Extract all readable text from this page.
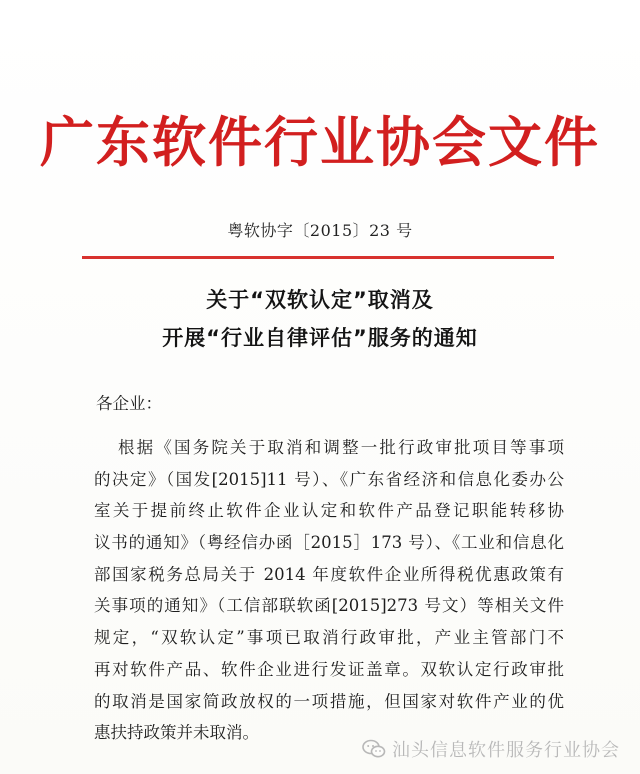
广东软件行业协会文件
粤软协字〔2015〕23 号
关于“双软认定”取消及
开展“行业自律评估”服务的通知
各企业：
根据《国务院关于取消和调整一批行政审批项目等事项
的决定》（国发[2015]11 号）、《广东省经济和信息化委办公
室关于提前终止软件企业认定和软件产品登记职能转移协
议书的通知》（粤经信办函［2015］173 号）、《工业和信息化
部国家税务总局关于 2014 年度软件企业所得税优惠政策有
关事项的通知》（工信部联软函[2015]273 号文）等相关文件
规定，“双软认定”事项已取消行政审批，产业主管部门不
再对软件产品、软件企业进行发证盖章。双软认定行政审批
的取消是国家简政放权的一项措施，但国家对软件产业的优
惠扶持政策并未取消。
汕头信息软件服务行业协会
